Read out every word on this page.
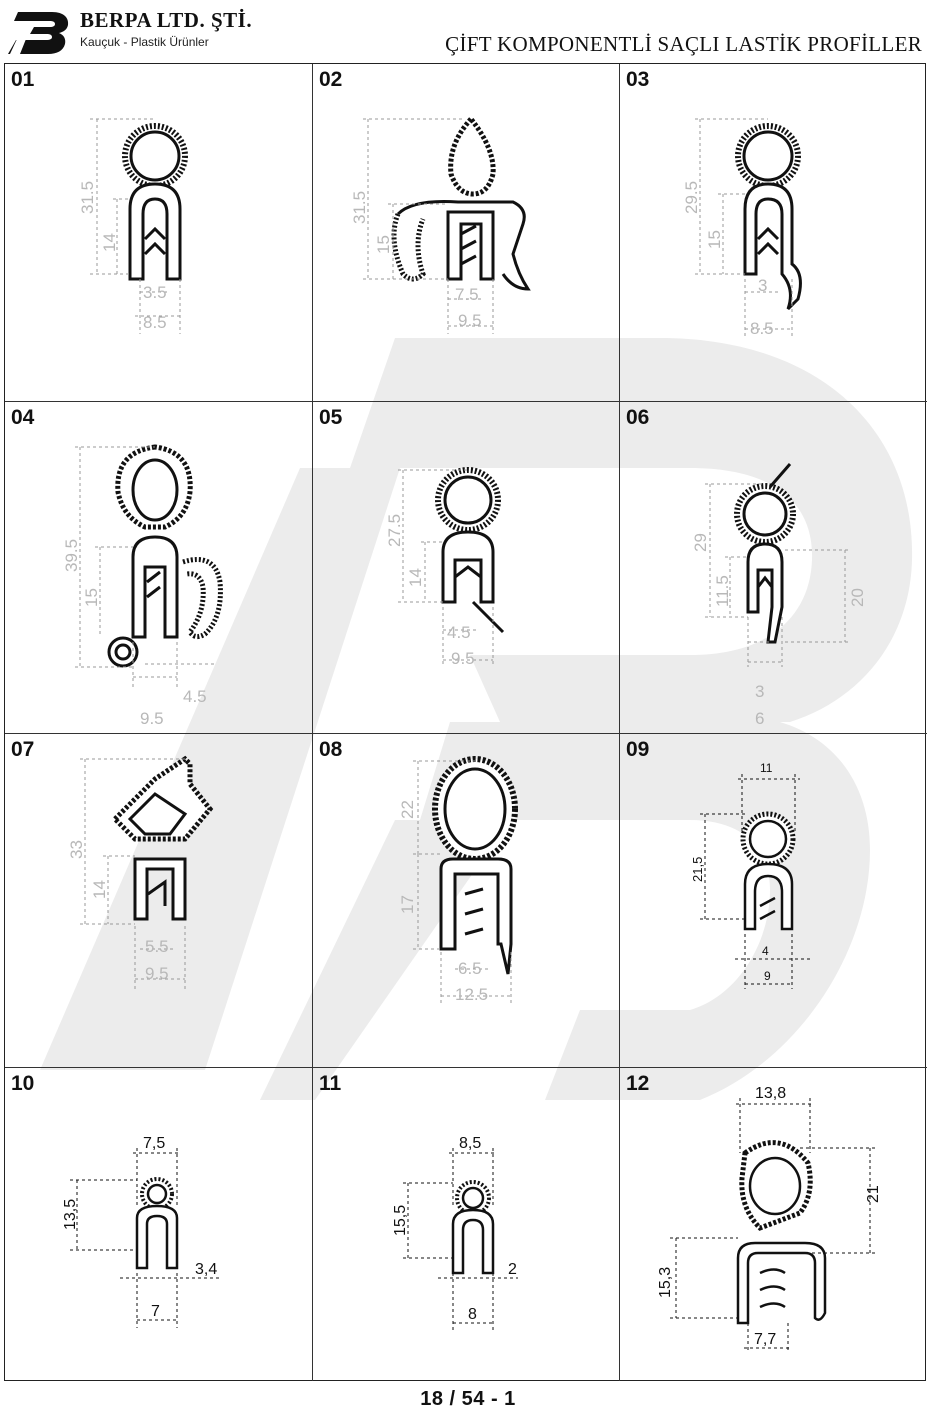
BERPA LTD. ŞTİ.
Kauçuk - Plastik Ürünler	ÇİFT KOMPONENTLİ SAÇLI LASTİK PROFİLLER
01
31.5
14
3.5
8.5
02
31.5
15
7.5
9.5
03
29.5
15
3
8.5
04
39.5
15
4.5
9.5
05
27.5
14
4.5
9.5
06
29
11.5	20
3
6
07
33
14
5.5
9.5
08
22
17
6.5
12.5
09
11
21,5
4
9
10
7,5
13,5
3,4
7
11
8,5
15,5
2
8
12	13,8
21
15,3
7,7
18 / 54 - 1
